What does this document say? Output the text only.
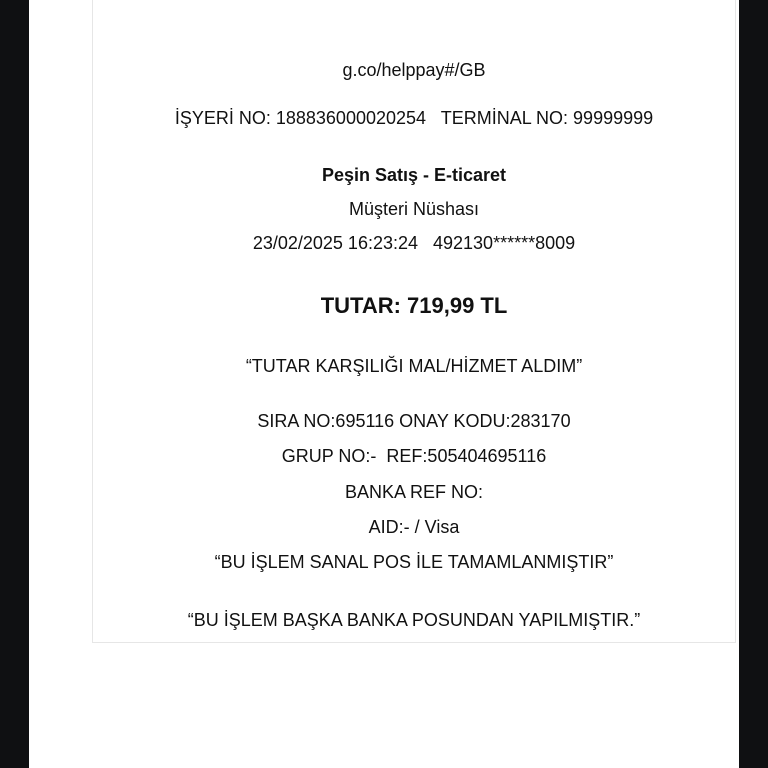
g.co/helppay#/GB
İŞYERİ NO: 188836000020254   TERMİNAL NO: 99999999
Peşin Satış - E-ticaret
Müşteri Nüshası
23/02/2025 16:23:24   492130******8009
TUTAR: 719,99 TL
“TUTAR KARŞILIĞI MAL/HİZMET ALDIM”
SIRA NO:695116 ONAY KODU:283170
GRUP NO:-  REF:505404695116
BANKA REF NO:
AID:- / Visa
“BU İŞLEM SANAL POS İLE TAMAMLANMIŞTIR”
“BU İŞLEM BAŞKA BANKA POSUNDAN YAPILMIŞTIR.”
